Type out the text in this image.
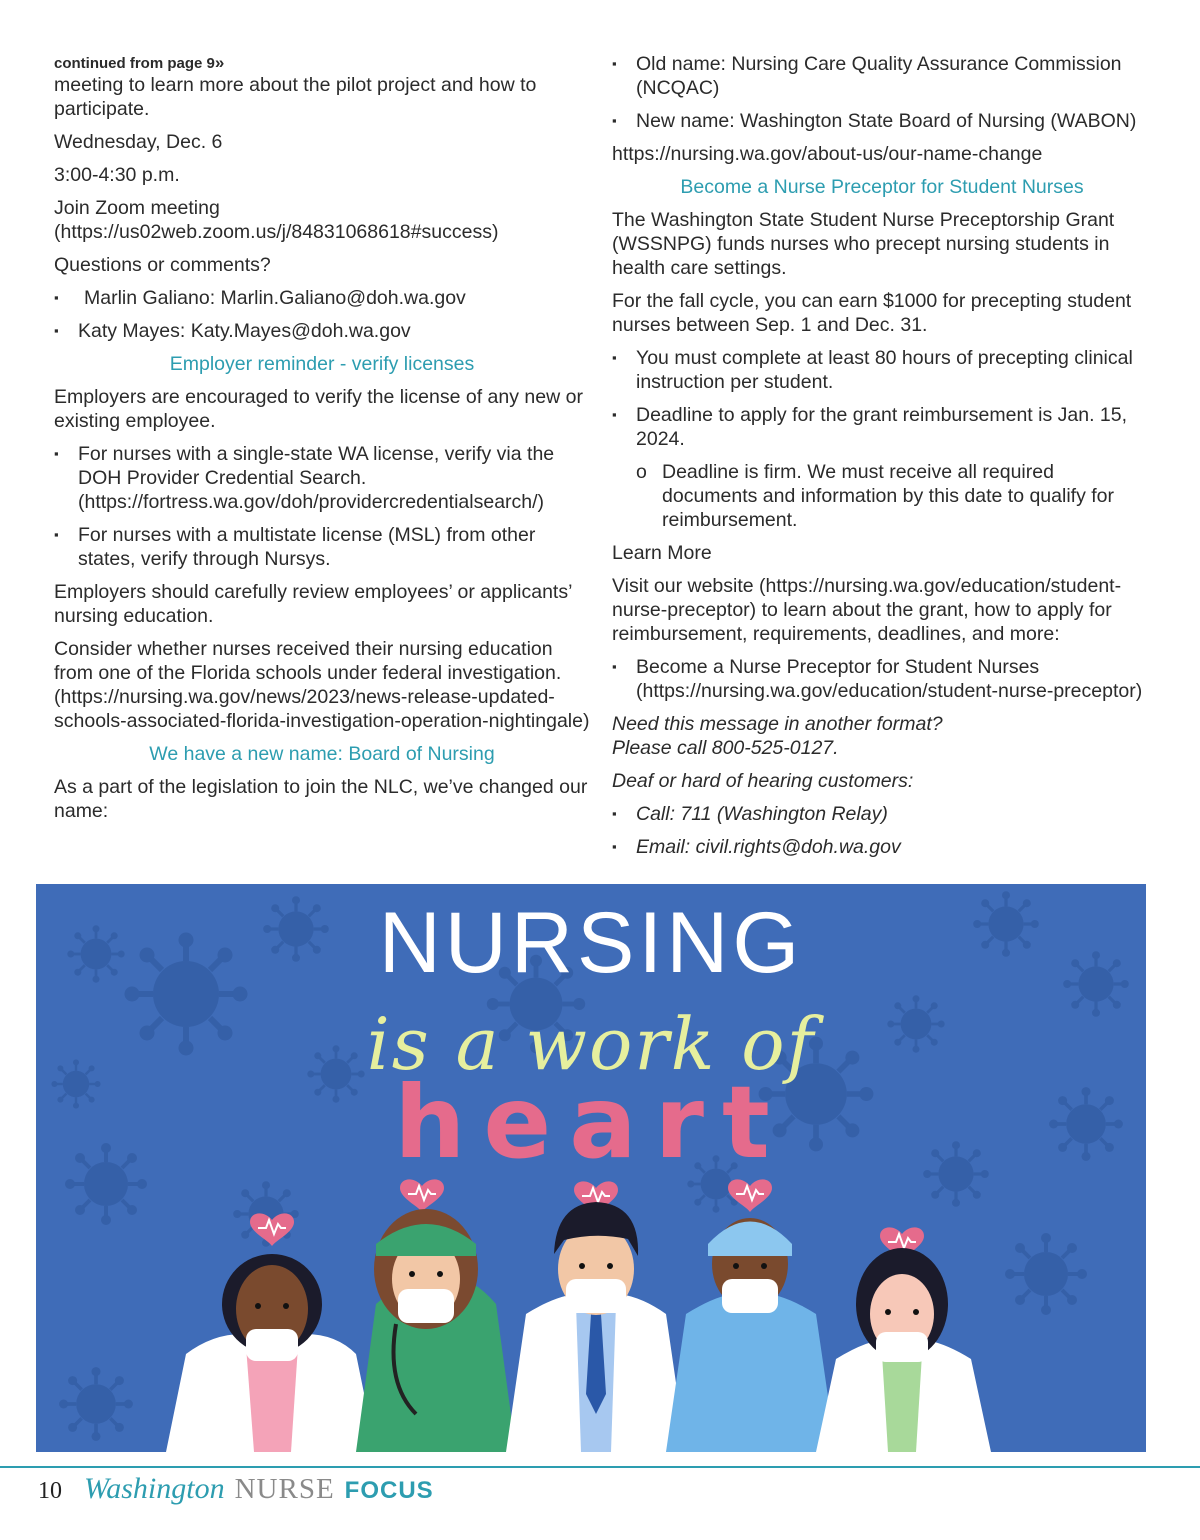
continued from page 9»

meeting to learn more about the pilot project and how to participate.

Wednesday, Dec. 6

3:00-4:30 p.m.

Join Zoom meeting (https://us02web.zoom.us/j/84831068618#success)

Questions or comments?

▪ Marlin Galiano: Marlin.Galiano@doh.wa.gov
▪ Katy Mayes: Katy.Mayes@doh.wa.gov

Employer reminder - verify licenses

Employers are encouraged to verify the license of any new or existing employee.

▪ For nurses with a single-state WA license, verify via the DOH Provider Credential Search. (https://fortress.wa.gov/doh/providercredentialsearch/)
▪ For nurses with a multistate license (MSL) from other states, verify through Nursys.

Employers should carefully review employees’ or applicants’ nursing education.

Consider whether nurses received their nursing education from one of the Florida schools under federal investigation. (https://nursing.wa.gov/news/2023/news-release-updated-schools-associated-florida-investigation-operation-nightingale)

We have a new name: Board of Nursing

As a part of the legislation to join the NLC, we’ve changed our name:

▪ Old name: Nursing Care Quality Assurance Commission (NCQAC)
▪ New name: Washington State Board of Nursing (WABON)

https://nursing.wa.gov/about-us/our-name-change

Become a Nurse Preceptor for Student Nurses

The Washington State Student Nurse Preceptorship Grant (WSSNPG) funds nurses who precept nursing students in health care settings.

For the fall cycle, you can earn $1000 for precepting student nurses between Sep. 1 and Dec. 31.

▪ You must complete at least 80 hours of precepting clinical instruction per student.
▪ Deadline to apply for the grant reimbursement is Jan. 15, 2024.
o Deadline is firm. We must receive all required documents and information by this date to qualify for reimbursement.

Learn More

Visit our website (https://nursing.wa.gov/education/student-nurse-preceptor) to learn about the grant, how to apply for reimbursement, requirements, deadlines, and more:

▪ Become a Nurse Preceptor for Student Nurses (https://nursing.wa.gov/education/student-nurse-preceptor)

Need this message in another format?
Please call 800-525-0127.

Deaf or hard of hearing customers:

▪ Call: 711 (Washington Relay)
▪ Email: civil.rights@doh.wa.gov
NURSING
is a work of
heart
10 Washington NURSE FOCUS
